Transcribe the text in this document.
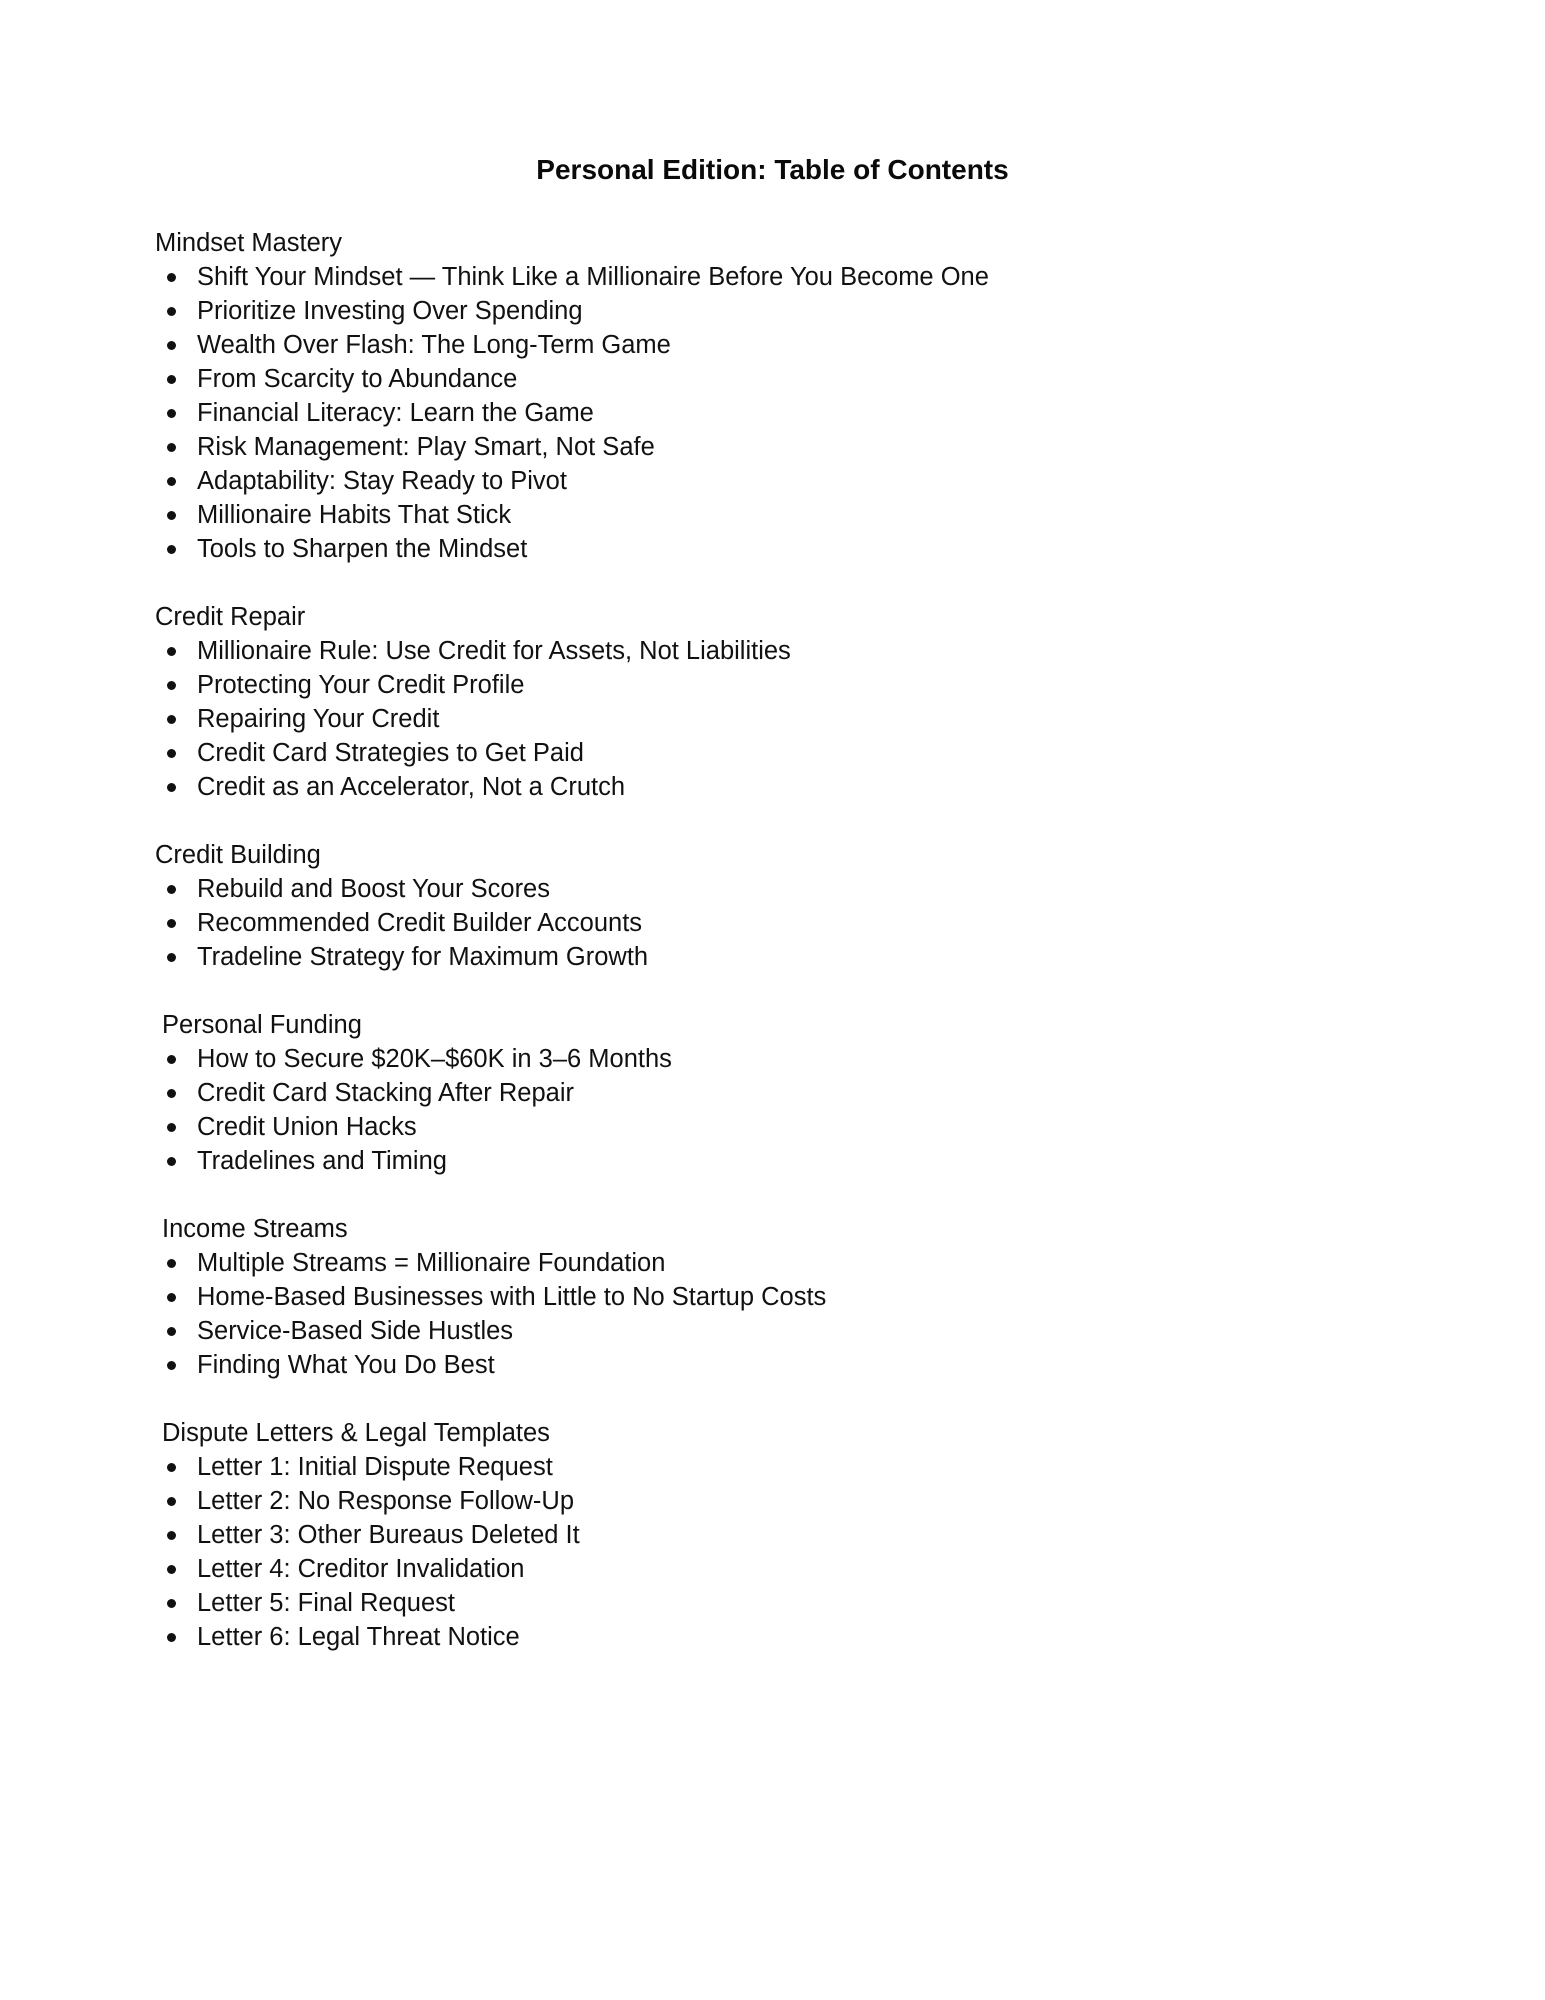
Personal Edition: Table of Contents
Mindset Mastery
Shift Your Mindset — Think Like a Millionaire Before You Become One
Prioritize Investing Over Spending
Wealth Over Flash: The Long-Term Game
From Scarcity to Abundance
Financial Literacy: Learn the Game
Risk Management: Play Smart, Not Safe
Adaptability: Stay Ready to Pivot
Millionaire Habits That Stick
Tools to Sharpen the Mindset
Credit Repair
Millionaire Rule: Use Credit for Assets, Not Liabilities
Protecting Your Credit Profile
Repairing Your Credit
Credit Card Strategies to Get Paid
Credit as an Accelerator, Not a Crutch
Credit Building
Rebuild and Boost Your Scores
Recommended Credit Builder Accounts
Tradeline Strategy for Maximum Growth
Personal Funding
How to Secure $20K–$60K in 3–6 Months
Credit Card Stacking After Repair
Credit Union Hacks
Tradelines and Timing
Income Streams
Multiple Streams = Millionaire Foundation
Home-Based Businesses with Little to No Startup Costs
Service-Based Side Hustles
Finding What You Do Best
Dispute Letters & Legal Templates
Letter 1: Initial Dispute Request
Letter 2: No Response Follow-Up
Letter 3: Other Bureaus Deleted It
Letter 4: Creditor Invalidation
Letter 5: Final Request
Letter 6: Legal Threat Notice
